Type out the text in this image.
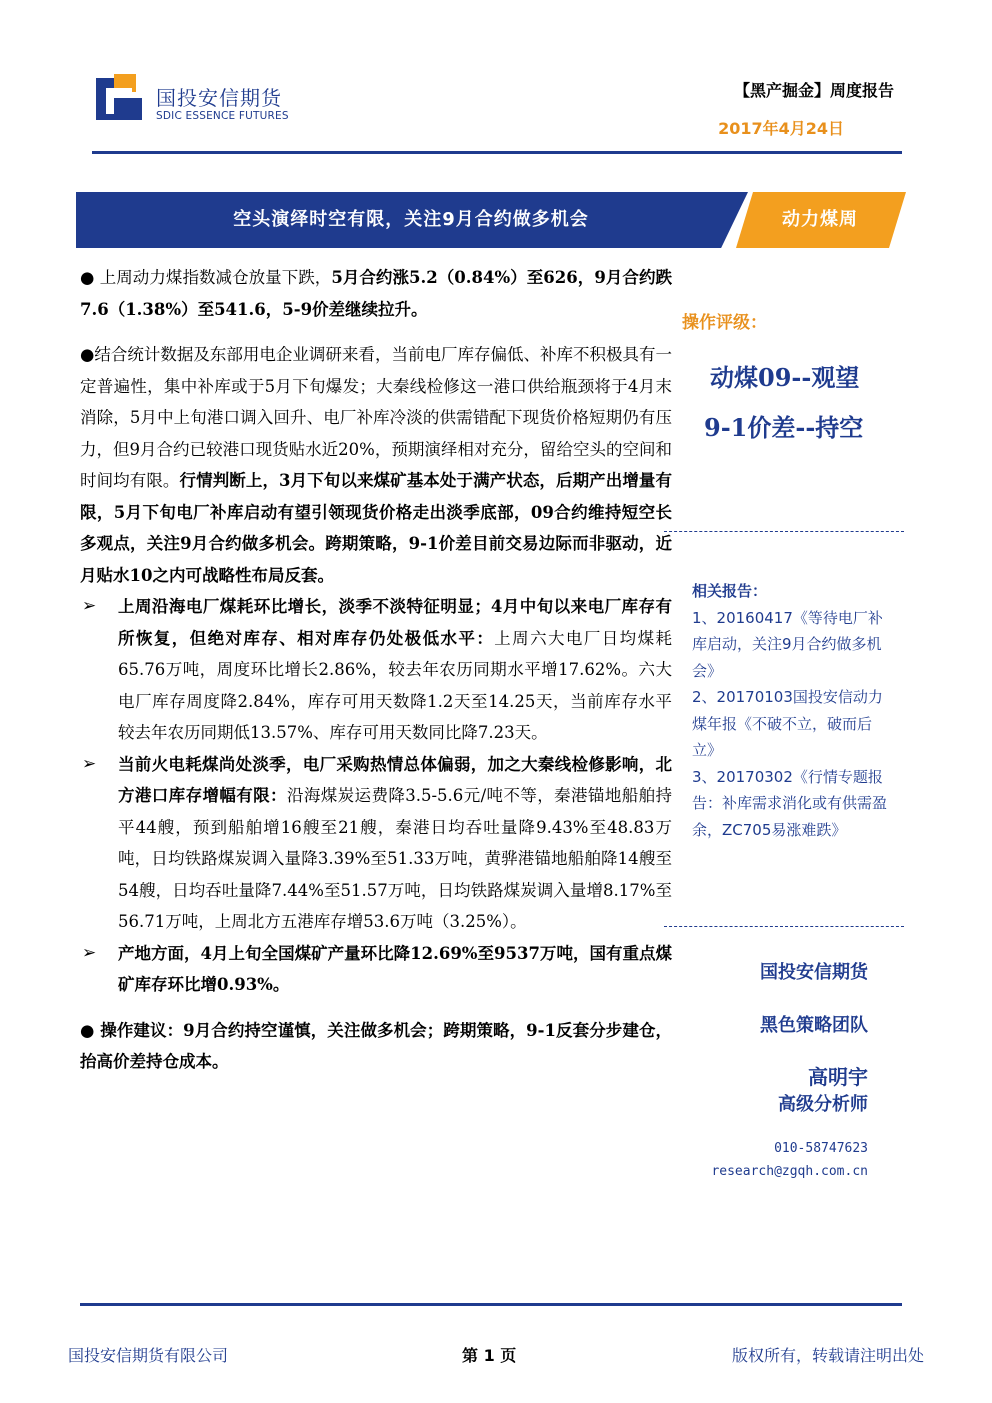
国投安信期货
SDIC ESSENCE FUTURES
【黑产掘金】周度报告
2017年4月24日
空头演绎时空有限，关注9月合约做多机会	动力煤周

● 上周动力煤指数减仓放量下跌，5月合约涨5.2（0.84%）至626，9月合约跌7.6（1.38%）至541.6，5-9价差继续拉升。

●结合统计数据及东部用电企业调研来看，当前电厂库存偏低、补库不积极具有一定普遍性，集中补库或于5月下旬爆发；大秦线检修这一港口供给瓶颈将于4月末消除，5月中上旬港口调入回升、电厂补库冷淡的供需错配下现货价格短期仍有压力，但9月合约已较港口现货贴水近20%，预期演绎相对充分，留给空头的空间和时间均有限。行情判断上，3月下旬以来煤矿基本处于满产状态，后期产出增量有限，5月下旬电厂补库启动有望引领现货价格走出淡季底部，09合约维持短空长多观点，关注9月合约做多机会。跨期策略，9-1价差目前交易边际而非驱动，近月贴水10之内可战略性布局反套。

➢ 上周沿海电厂煤耗环比增长，淡季不淡特征明显；4月中旬以来电厂库存有所恢复，但绝对库存、相对库存仍处极低水平：上周六大电厂日均煤耗65.76万吨，周度环比增长2.86%，较去年农历同期水平增17.62%。六大电厂库存周度降2.84%，库存可用天数降1.2天至14.25天，当前库存水平较去年农历同期低13.57%、库存可用天数同比降7.23天。

➢ 当前火电耗煤尚处淡季，电厂采购热情总体偏弱，加之大秦线检修影响，北方港口库存增幅有限：沿海煤炭运费降3.5-5.6元/吨不等，秦港锚地船舶持平44艘，预到船舶增16艘至21艘，秦港日均吞吐量降9.43%至48.83万吨，日均铁路煤炭调入量降3.39%至51.33万吨，黄骅港锚地船舶降14艘至54艘，日均吞吐量降7.44%至51.57万吨，日均铁路煤炭调入量增8.17%至56.71万吨，上周北方五港库存增53.6万吨（3.25%）。

➢ 产地方面，4月上旬全国煤矿产量环比降12.69%至9537万吨，国有重点煤矿库存环比增0.93%。

● 操作建议：9月合约持空谨慎，关注做多机会；跨期策略，9-1反套分步建仓，抬高价差持仓成本。

操作评级：
动煤09--观望
9-1价差--持空

相关报告：

1、20160417《等待电厂补库启动，关注9月合约做多机会》

2、20170103国投安信动力煤年报《不破不立，破而后立》

3、20170302《行情专题报告：补库需求消化或有供需盈余，ZC705易涨难跌》

国投安信期货
黑色策略团队
高明宇
高级分析师
010-58747623
research@zgqh.com.cn
国投安信期货有限公司	第 1 页	版权所有，转载请注明出处
